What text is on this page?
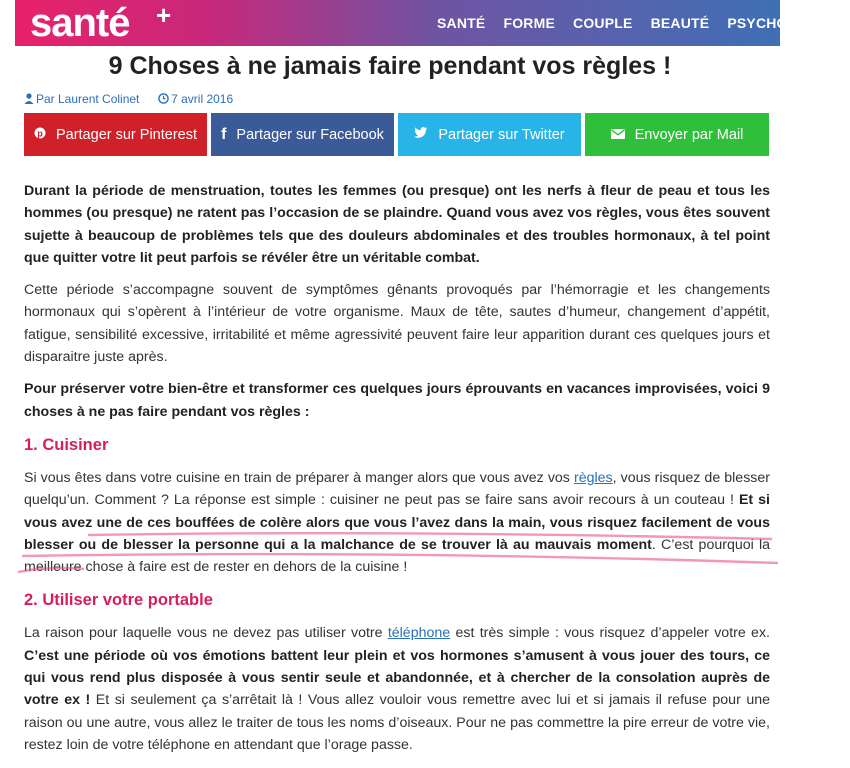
santé +	SANTÉ FORME COUPLE BEAUTÉ PSYCHOLOGIE
9 Choses à ne jamais faire pendant vos règles !
Par Laurent Colinet	7 avril 2016
p Partager sur Pinterest f Partager sur Facebook	Partager sur Twitter	Envoyer par Mail

Durant la période de menstruation, toutes les femmes (ou presque) ont les nerfs à fleur de peau et tous les hommes (ou presque) ne ratent pas l’occasion de se plaindre. Quand vous avez vos règles, vous êtes souvent sujette à beaucoup de problèmes tels que des douleurs abdominales et des troubles hormonaux, à tel point que quitter votre lit peut parfois se révéler être un véritable combat.

Cette période s’accompagne souvent de symptômes gênants provoqués par l’hémorragie et les changements hormonaux qui s’opèrent à l’intérieur de votre organisme. Maux de tête, sautes d’humeur, changement d’appétit, fatigue, sensibilité excessive, irritabilité et même agressivité peuvent faire leur apparition durant ces quelques jours et disparaitre juste après.

Pour préserver votre bien-être et transformer ces quelques jours éprouvants en vacances improvisées, voici 9 choses à ne pas faire pendant vos règles :

1. Cuisiner

Si vous êtes dans votre cuisine en train de préparer à manger alors que vous avez vos règles, vous risquez de blesser quelqu’un. Comment ? La réponse est simple : cuisiner ne peut pas se faire sans avoir recours à un couteau ! Et si vous avez une de ces bouffées de colère alors que vous l’avez dans la main, vous risquez facilement de vous blesser ou de blesser la personne qui a la malchance de se trouver là au mauvais moment. C’est pourquoi la meilleure chose à faire est de rester en dehors de la cuisine !

2. Utiliser votre portable

La raison pour laquelle vous ne devez pas utiliser votre téléphone est très simple : vous risquez d’appeler votre ex. C’est une période où vos émotions battent leur plein et vos hormones s’amusent à vous jouer des tours, ce qui vous rend plus disposée à vous sentir seule et abandonnée, et à chercher de la consolation auprès de votre ex ! Et si seulement ça s’arrêtait là ! Vous allez vouloir vous remettre avec lui et si jamais il refuse pour une raison ou une autre, vous allez le traiter de tous les noms d’oiseaux. Pour ne pas commettre la pire erreur de votre vie, restez loin de votre téléphone en attendant que l’orage passe.
